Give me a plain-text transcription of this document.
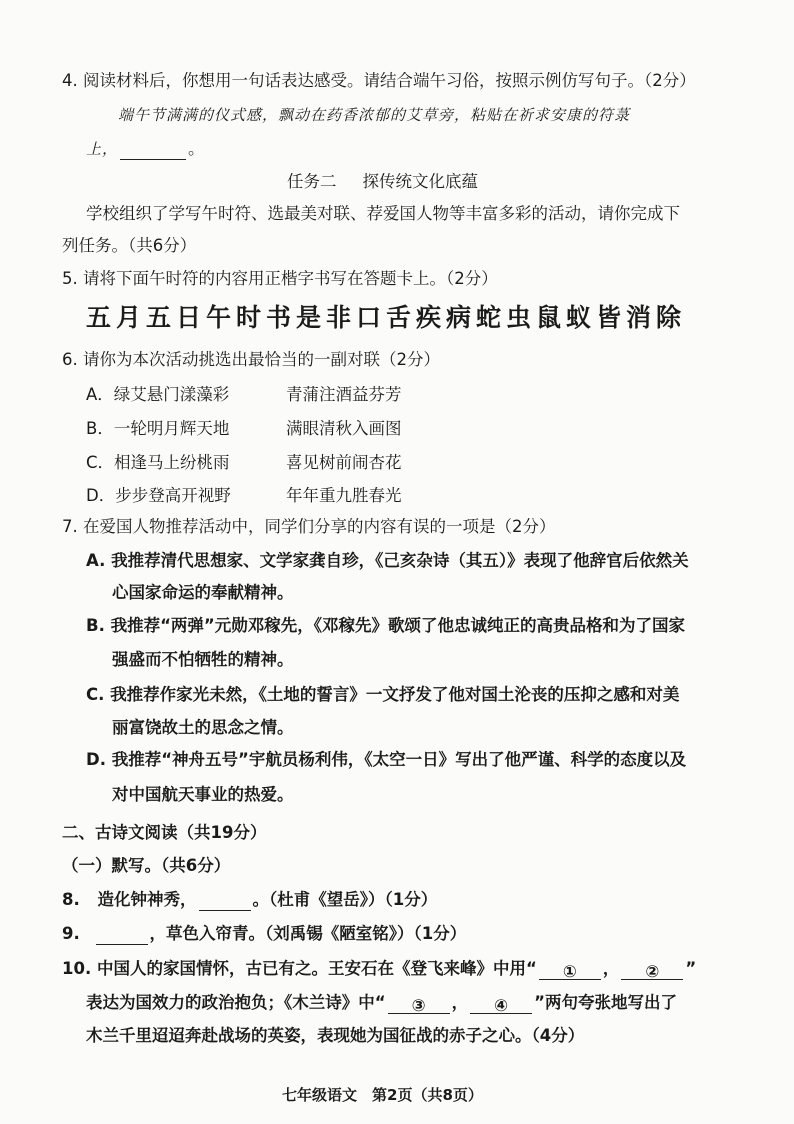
4. 阅读材料后，你想用一句话表达感受。请结合端午习俗，按照示例仿写句子。（2分）
端午节满满的仪式感，飘动在药香浓郁的艾草旁，粘贴在祈求安康的符菉
上，	。
任务二 探传统文化底蕴
学校组织了学写午时符、选最美对联、荐爱国人物等丰富多彩的活动，请你完成下
列任务。（共6分）
5. 请将下面午时符的内容用正楷字书写在答题卡上。（2分）
五月五日午时书是非口舌疾病蛇虫鼠蚁皆消除
6. 请你为本次活动挑选出最恰当的一副对联（2分）
A．绿艾悬门漾藻彩	青蒲注酒益芬芳
B．一轮明月辉天地	满眼清秋入画图
C．相逢马上纷桃雨	喜见树前闹杏花
D．步步登高开视野	年年重九胜春光
7. 在爱国人物推荐活动中，同学们分享的内容有误的一项是（2分）
A. 我推荐清代思想家、文学家龚自珍，《己亥杂诗（其五）》表现了他辞官后依然关
心国家命运的奉献精神。
B. 我推荐“两弹”元勋邓稼先，《邓稼先》歌颂了他忠诚纯正的高贵品格和为了国家
强盛而不怕牺牲的精神。
C. 我推荐作家光未然，《土地的誓言》一文抒发了他对国土沦丧的压抑之感和对美
丽富饶故土的思念之情。
D. 我推荐“神舟五号”宇航员杨利伟，《太空一日》写出了他严谨、科学的态度以及
对中国航天事业的热爱。
二、古诗文阅读（共19分）
（一）默写。（共6分）
8. 造化钟神秀，	。（杜甫《望岳》）（1分）
9.	，草色入帘青。（刘禹锡《陋室铭》）（1分）
10. 中国人的家国情怀，古已有之。王安石在《登飞来峰》中用“ ① ， ② ”
表达为国效力的政治抱负；《木兰诗》中“ ③ ， ④ ”两句夸张地写出了
木兰千里迢迢奔赴战场的英姿，表现她为国征战的赤子之心。（4分）
七年级语文　第2页（共8页）
